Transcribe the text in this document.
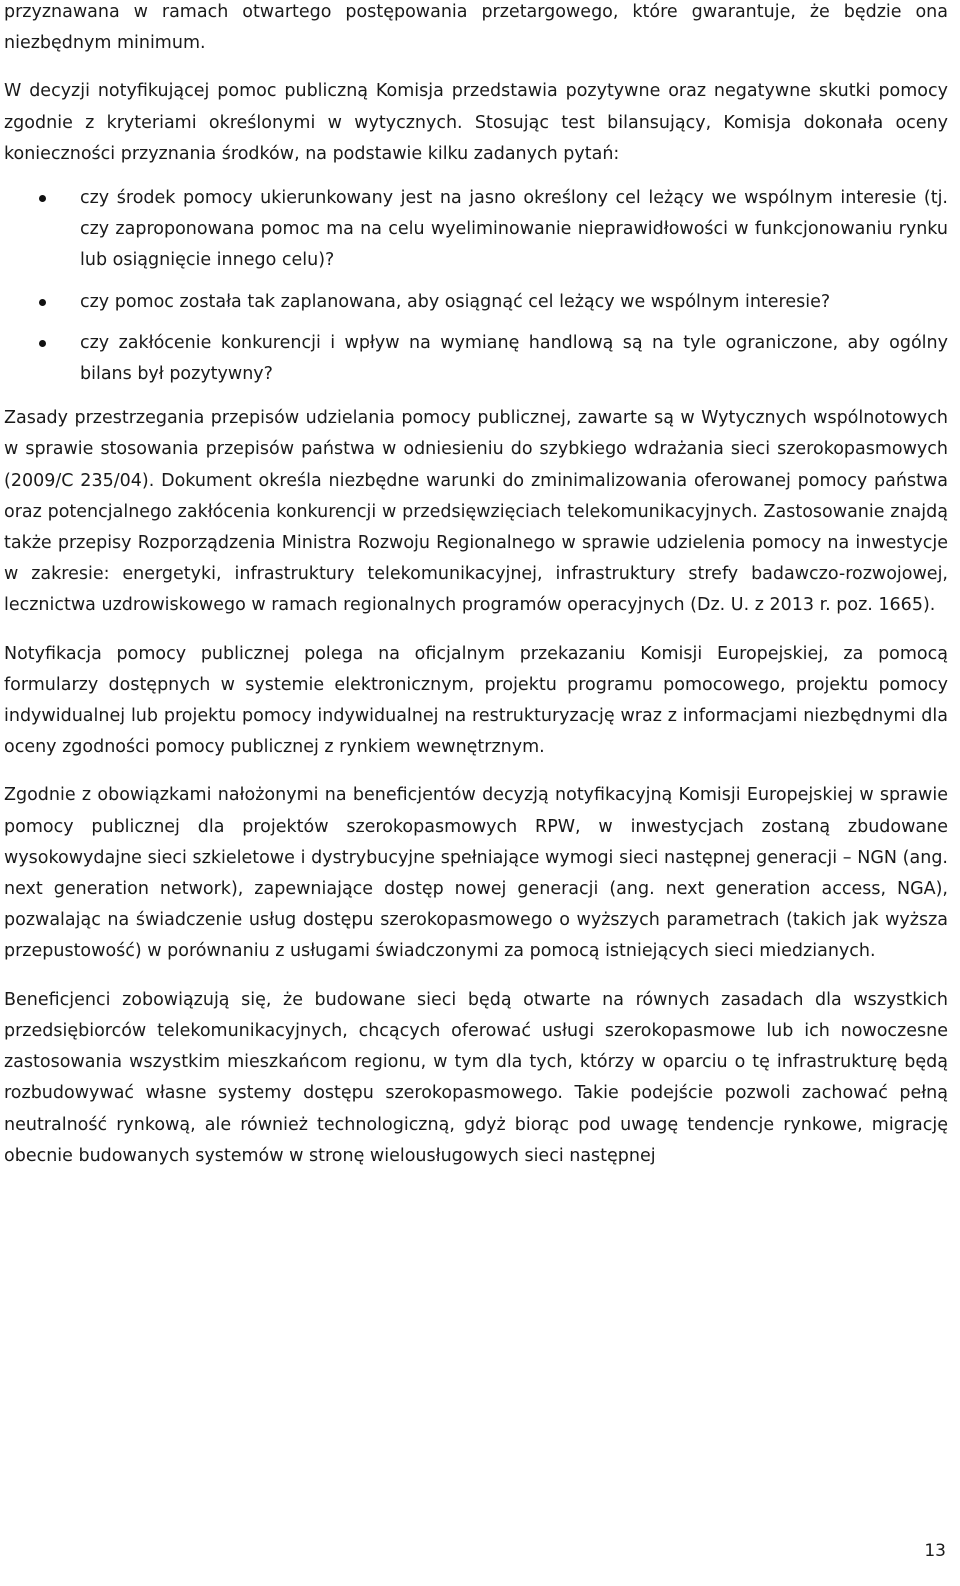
przyznawana w ramach otwartego postępowania przetargowego, które gwarantuje, że będzie ona niezbędnym minimum.

W decyzji notyfikującej pomoc publiczną Komisja przedstawia pozytywne oraz negatywne skutki pomocy zgodnie z kryteriami określonymi w wytycznych. Stosując test bilansujący, Komisja dokonała oceny konieczności przyznania środków, na podstawie kilku zadanych pytań:

czy środek pomocy ukierunkowany jest na jasno określony cel leżący we wspólnym interesie (tj. czy zaproponowana pomoc ma na celu wyeliminowanie nieprawidłowości w funkcjonowaniu rynku lub osiągnięcie innego celu)?
czy pomoc została tak zaplanowana, aby osiągnąć cel leżący we wspólnym interesie?
czy zakłócenie konkurencji i wpływ na wymianę handlową są na tyle ograniczone, aby ogólny bilans był pozytywny?

Zasady przestrzegania przepisów udzielania pomocy publicznej, zawarte są w Wytycznych wspólnotowych w sprawie stosowania przepisów państwa w odniesieniu do szybkiego wdrażania sieci szerokopasmowych (2009/C 235/04). Dokument określa niezbędne warunki do zminimalizowania oferowanej pomocy państwa oraz potencjalnego zakłócenia konkurencji w przedsięwzięciach telekomunikacyjnych. Zastosowanie znajdą także przepisy Rozporządzenia Ministra Rozwoju Regionalnego w sprawie udzielenia pomocy na inwestycje w zakresie: energetyki, infrastruktury telekomunikacyjnej, infrastruktury strefy badawczo-rozwojowej, lecznictwa uzdrowiskowego w ramach regionalnych programów operacyjnych (Dz. U. z 2013 r. poz. 1665).

Notyfikacja pomocy publicznej polega na oficjalnym przekazaniu Komisji Europejskiej, za pomocą formularzy dostępnych w systemie elektronicznym, projektu programu pomocowego, projektu pomocy indywidualnej lub projektu pomocy indywidualnej na restrukturyzację wraz z informacjami niezbędnymi dla oceny zgodności pomocy publicznej z rynkiem wewnętrznym.

Zgodnie z obowiązkami nałożonymi na beneficjentów decyzją notyfikacyjną Komisji Europejskiej w sprawie pomocy publicznej dla projektów szerokopasmowych RPW, w inwestycjach zostaną zbudowane wysokowydajne sieci szkieletowe i dystrybucyjne spełniające wymogi sieci następnej generacji – NGN (ang. next generation network), zapewniające dostęp nowej generacji (ang. next generation access, NGA), pozwalając na świadczenie usług dostępu szerokopasmowego o wyższych parametrach (takich jak wyższa przepustowość) w porównaniu z usługami świadczonymi za pomocą istniejących sieci miedzianych.

Beneficjenci zobowiązują się, że budowane sieci będą otwarte na równych zasadach dla wszystkich przedsiębiorców telekomunikacyjnych, chcących oferować usługi szerokopasmowe lub ich nowoczesne zastosowania wszystkim mieszkańcom regionu, w tym dla tych, którzy w oparciu o tę infrastrukturę będą rozbudowywać własne systemy dostępu szerokopasmowego. Takie podejście pozwoli zachować pełną neutralność rynkową, ale również technologiczną, gdyż biorąc pod uwagę tendencje rynkowe, migrację obecnie budowanych systemów w stronę wielousługowych sieci następnej

13
